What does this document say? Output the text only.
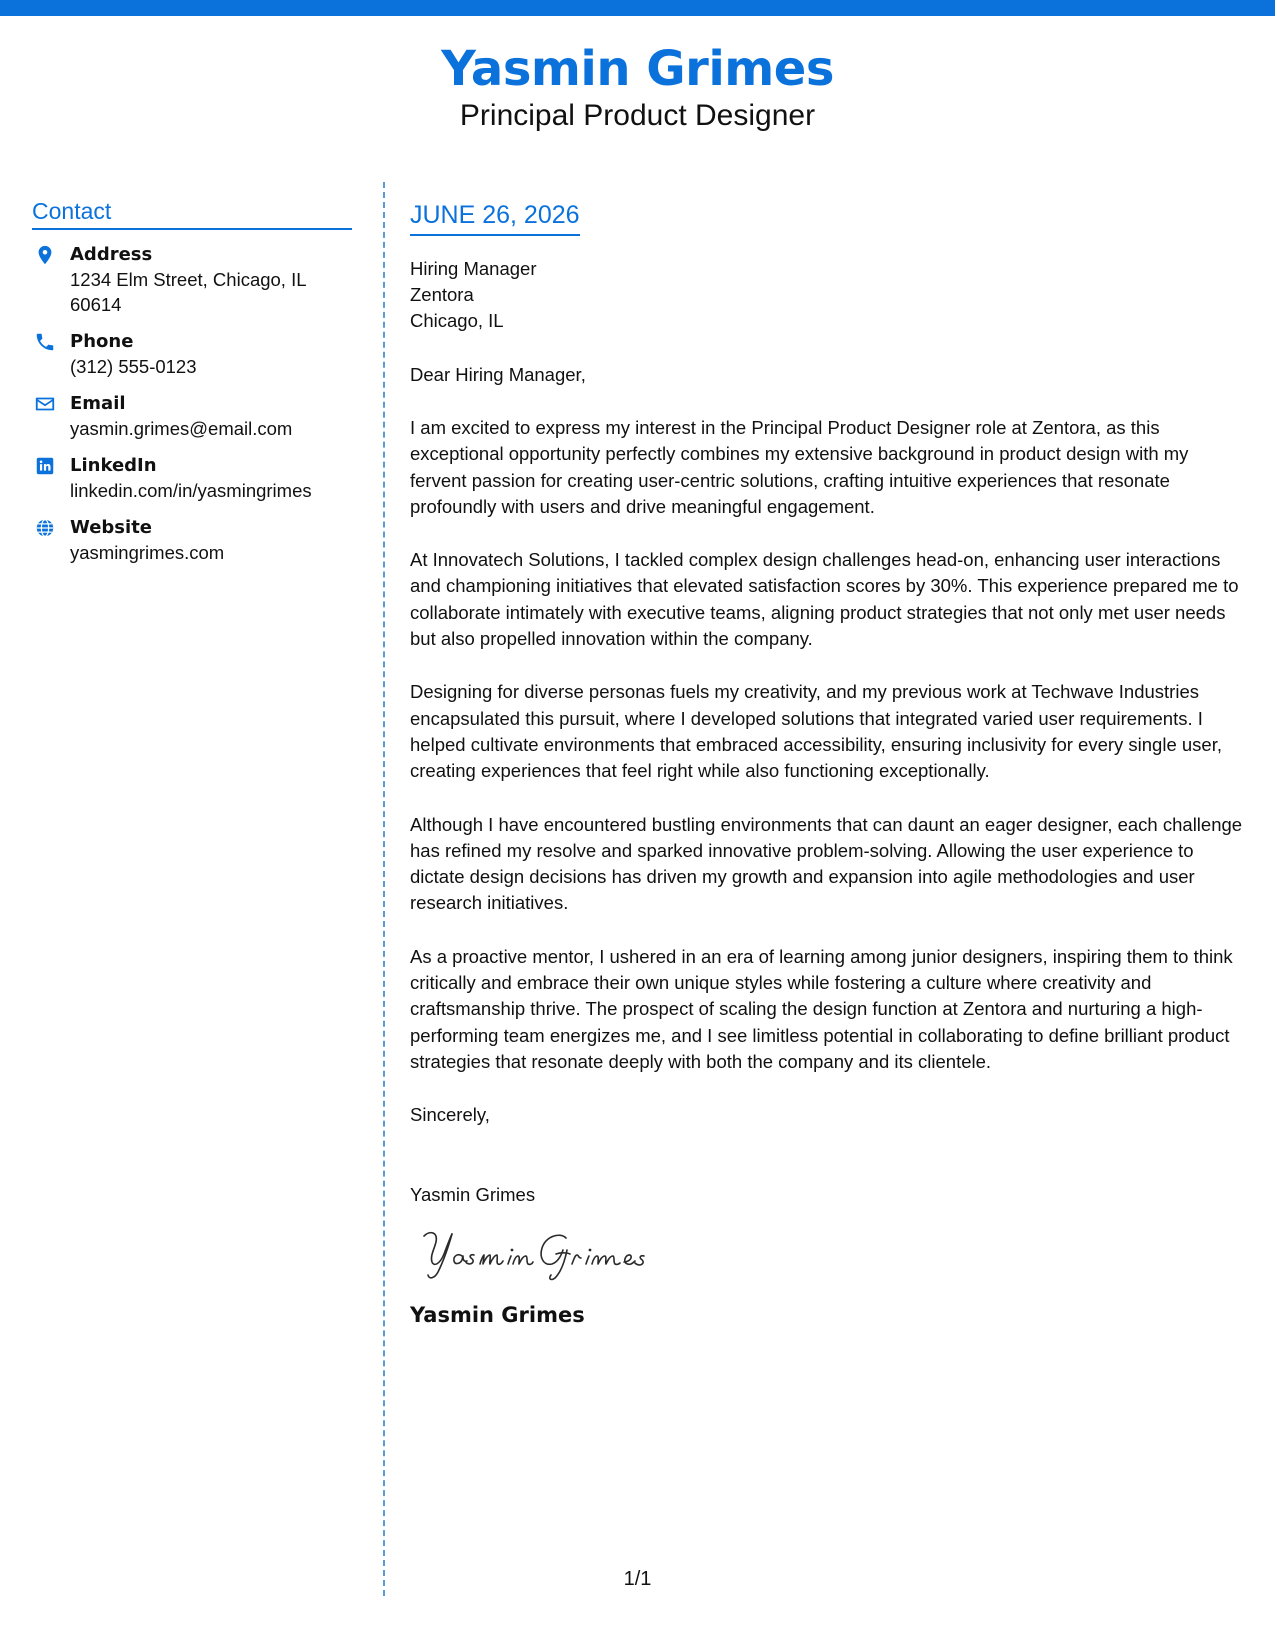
Yasmin Grimes
Principal Product Designer
Contact
Address
1234 Elm Street, Chicago, IL 60614
Phone
(312) 555-0123
Email
yasmin.grimes@email.com
LinkedIn
linkedin.com/in/yasmingrimes
Website
yasmingrimes.com
JUNE 26, 2026
Hiring Manager
Zentora
Chicago, IL
Dear Hiring Manager,
I am excited to express my interest in the Principal Product Designer role at Zentora, as this exceptional opportunity perfectly combines my extensive background in product design with my fervent passion for creating user-centric solutions, crafting intuitive experiences that resonate profoundly with users and drive meaningful engagement.
At Innovatech Solutions, I tackled complex design challenges head-on, enhancing user interactions and championing initiatives that elevated satisfaction scores by 30%. This experience prepared me to collaborate intimately with executive teams, aligning product strategies that not only met user needs but also propelled innovation within the company.
Designing for diverse personas fuels my creativity, and my previous work at Techwave Industries encapsulated this pursuit, where I developed solutions that integrated varied user requirements. I helped cultivate environments that embraced accessibility, ensuring inclusivity for every single user, creating experiences that feel right while also functioning exceptionally.
Although I have encountered bustling environments that can daunt an eager designer, each challenge has refined my resolve and sparked innovative problem-solving. Allowing the user experience to dictate design decisions has driven my growth and expansion into agile methodologies and user research initiatives.
As a proactive mentor, I ushered in an era of learning among junior designers, inspiring them to think critically and embrace their own unique styles while fostering a culture where creativity and craftsmanship thrive. The prospect of scaling the design function at Zentora and nurturing a high-performing team energizes me, and I see limitless potential in collaborating to define brilliant product strategies that resonate deeply with both the company and its clientele.
Sincerely,
Yasmin Grimes
Yasmin Grimes
1/1
